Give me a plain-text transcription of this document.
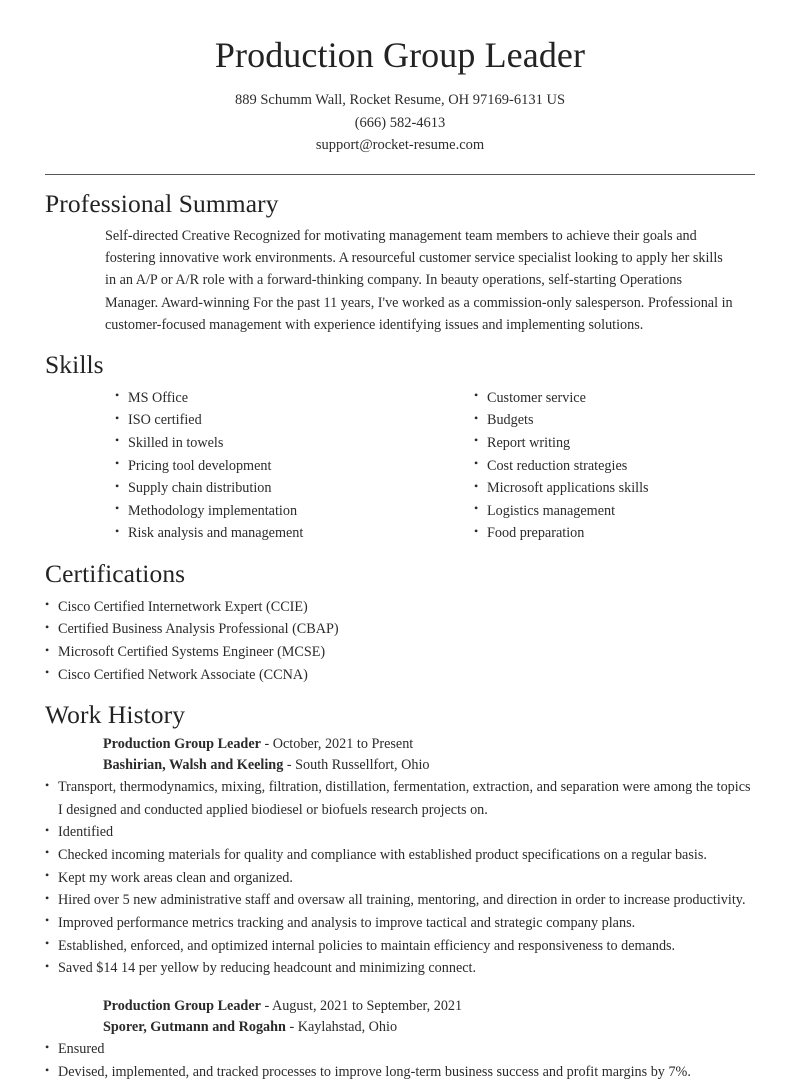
Production Group Leader

889 Schumm Wall, Rocket Resume, OH 97169-6131 US

(666) 582-4613

support@rocket-resume.com

Professional Summary

Self-directed Creative Recognized for motivating management team members to achieve their goals and fostering innovative work environments. A resourceful customer service specialist looking to apply her skills in an A/P or A/R role with a forward-thinking company. In beauty operations, self-starting Operations Manager. Award-winning For the past 11 years, I've worked as a commission-only salesperson. Professional in customer-focused management with experience identifying issues and implementing solutions.

Skills
• MS Office
• ISO certified
• Skilled in towels
• Pricing tool development
• Supply chain distribution
• Methodology implementation
• Risk analysis and management
• Customer service
• Budgets
• Report writing
• Cost reduction strategies
• Microsoft applications skills
• Logistics management
• Food preparation
Certifications
• Cisco Certified Internetwork Expert (CCIE)
• Certified Business Analysis Professional (CBAP)
• Microsoft Certified Systems Engineer (MCSE)
• Cisco Certified Network Associate (CCNA)
Work History
Production Group Leader - October, 2021 to Present
Bashirian, Walsh and Keeling - South Russellfort, Ohio
• Transport, thermodynamics, mixing, filtration, distillation, fermentation, extraction, and separation were among the topics I designed and conducted applied biodiesel or biofuels research projects on.
• Identified
• Checked incoming materials for quality and compliance with established product specifications on a regular basis.
• Kept my work areas clean and organized.
• Hired over 5 new administrative staff and oversaw all training, mentoring, and direction in order to increase productivity.
• Improved performance metrics tracking and analysis to improve tactical and strategic company plans.
• Established, enforced, and optimized internal policies to maintain efficiency and responsiveness to demands.
• Saved $14 14 per yellow by reducing headcount and minimizing connect.
Production Group Leader - August, 2021 to September, 2021
Sporer, Gutmann and Rogahn - Kaylahstad, Ohio
• Ensured
• Devised, implemented, and tracked processes to improve long-term business success and profit margins by 7%.
